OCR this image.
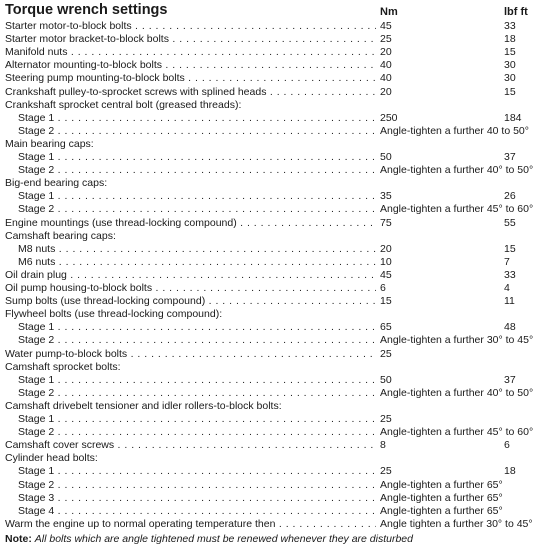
Torque wrench settings	Nm	lbf ft
Starter motor-to-block bolts . . .	45	33
Starter motor bracket-to-block bolts . . .	25	18
Manifold nuts . . .	20	15
Alternator mounting-to-block bolts . . .	40	30
Steering pump mounting-to-block bolts . . .	40	30
Crankshaft pulley-to-sprocket screws with splined heads . . .	20	15
Crankshaft sprocket central bolt (greased threads):
Stage 1 . . .	250	184
Stage 2 . . .	Angle-tighten a further 40 to 50°
Main bearing caps:
Stage 1 . . .	50	37
Stage 2 . . .	Angle-tighten a further 40° to 50°
Big-end bearing caps:
Stage 1 . . .	35	26
Stage 2 . . .	Angle-tighten a further 45° to 60°
Engine mountings (use thread-locking compound) . . .	75	55
Camshaft bearing caps:
M8 nuts . . .	20	15
M6 nuts . . .	10	7
Oil drain plug . . .	45	33
Oil pump housing-to-block bolts . . .	6	4
Sump bolts (use thread-locking compound) . . .	15	11
Flywheel bolts (use thread-locking compound):
Stage 1 . . .	65	48
Stage 2 . . .	Angle-tighten a further 30° to 45°
Water pump-to-block bolts . . .	25
Camshaft sprocket bolts:
Stage 1 . . .	50	37
Stage 2 . . .	Angle-tighten a further 40° to 50°
Camshaft drivebelt tensioner and idler rollers-to-block bolts:
Stage 1 . . .	25
Stage 2 . . .	Angle-tighten a further 45° to 60°
Camshaft cover screws . . .	8	6
Cylinder head bolts:
Stage 1 . . .	25	18
Stage 2 . . .	Angle-tighten a further 65°
Stage 3 . . .	Angle-tighten a further 65°
Stage 4 . . .	Angle-tighten a further 65°
Warm the engine up to normal operating temperature then . . .	Angle tighten a further 30° to 45°
Note: All bolts which are angle tightened must be renewed whenever they are disturbed
